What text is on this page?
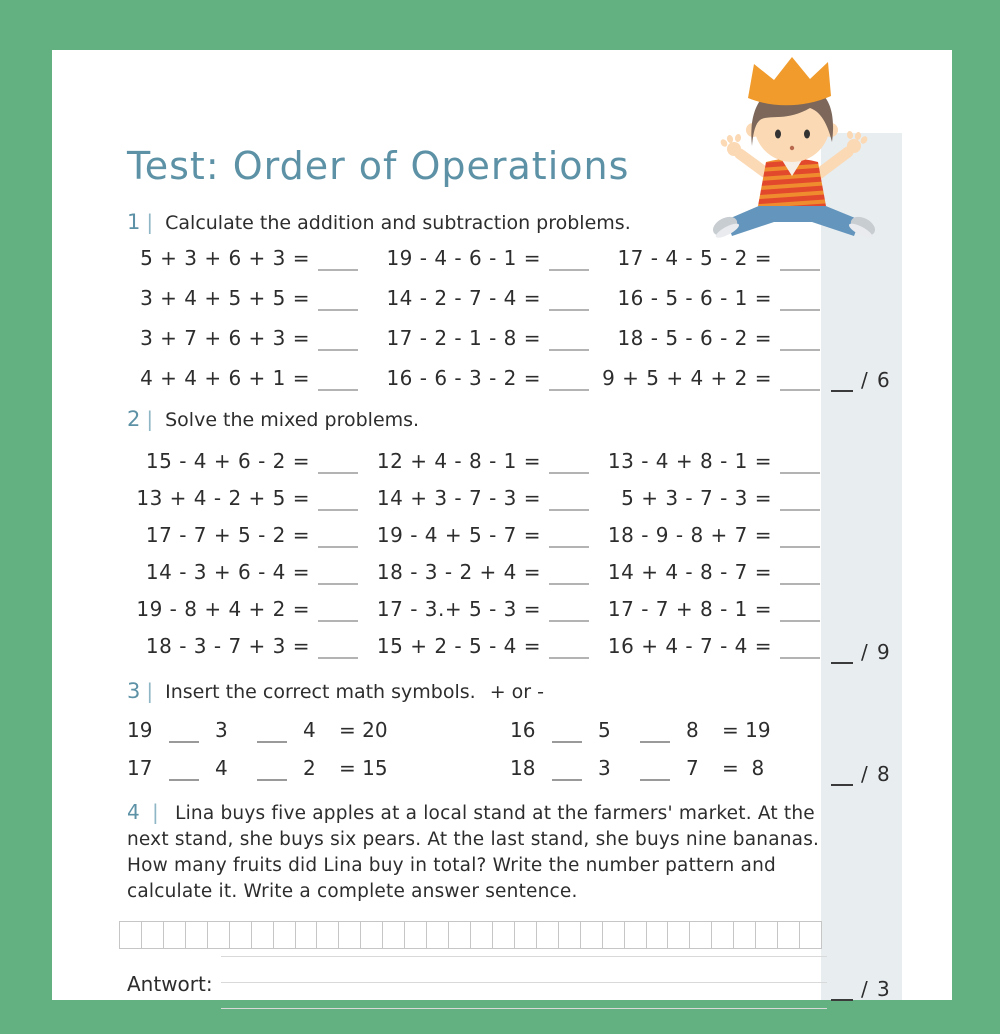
Test: Order of Operations
1 | Calculate the addition and subtraction problems.
5 + 3 + 6 + 3 =	19 - 4 - 6 - 1 =	17 - 4 - 5 - 2 =
3 + 4 + 5 + 5 =	14 - 2 - 7 - 4 =	16 - 5 - 6 - 1 =
3 + 7 + 6 + 3 =	17 - 2 - 1 - 8 =	18 - 5 - 6 - 2 =
4 + 4 + 6 + 1 =	16 - 6 - 3 - 2 =	9 + 5 + 4 + 2 =
2 | Solve the mixed problems.
15 - 4 + 6 - 2 =	12 + 4 - 8 - 1 =	13 - 4 + 8 - 1 =
13 + 4 - 2 + 5 =	14 + 3 - 7 - 3 =	5 + 3 - 7 - 3 =
17 - 7 + 5 - 2 =	19 - 4 + 5 - 7 =	18 - 9 - 8 + 7 =
14 - 3 + 6 - 4 =	18 - 3 - 2 + 4 =	14 + 4 - 8 - 7 =
19 - 8 + 4 + 2 =	17 - 3.+ 5 - 3 =	17 - 7 + 8 - 1 =
18 - 3 - 7 + 3 =	15 + 2 - 5 - 4 =	16 + 4 - 7 - 4 =
3 | Insert the correct math symbols. + or -
19	3	4	= 20	16	5	8	= 19
17	4	2	= 15	18	3	7	=  8

4 | Lina buys five apples at a local stand at the farmers' market. At the next stand, she buys six pears. At the last stand, she buys nine bananas. How many fruits did Lina buy in total? Write the number pattern and calculate it. Write a complete answer sentence.

Antwort:
/ 6
/ 9
/ 8
/ 3
